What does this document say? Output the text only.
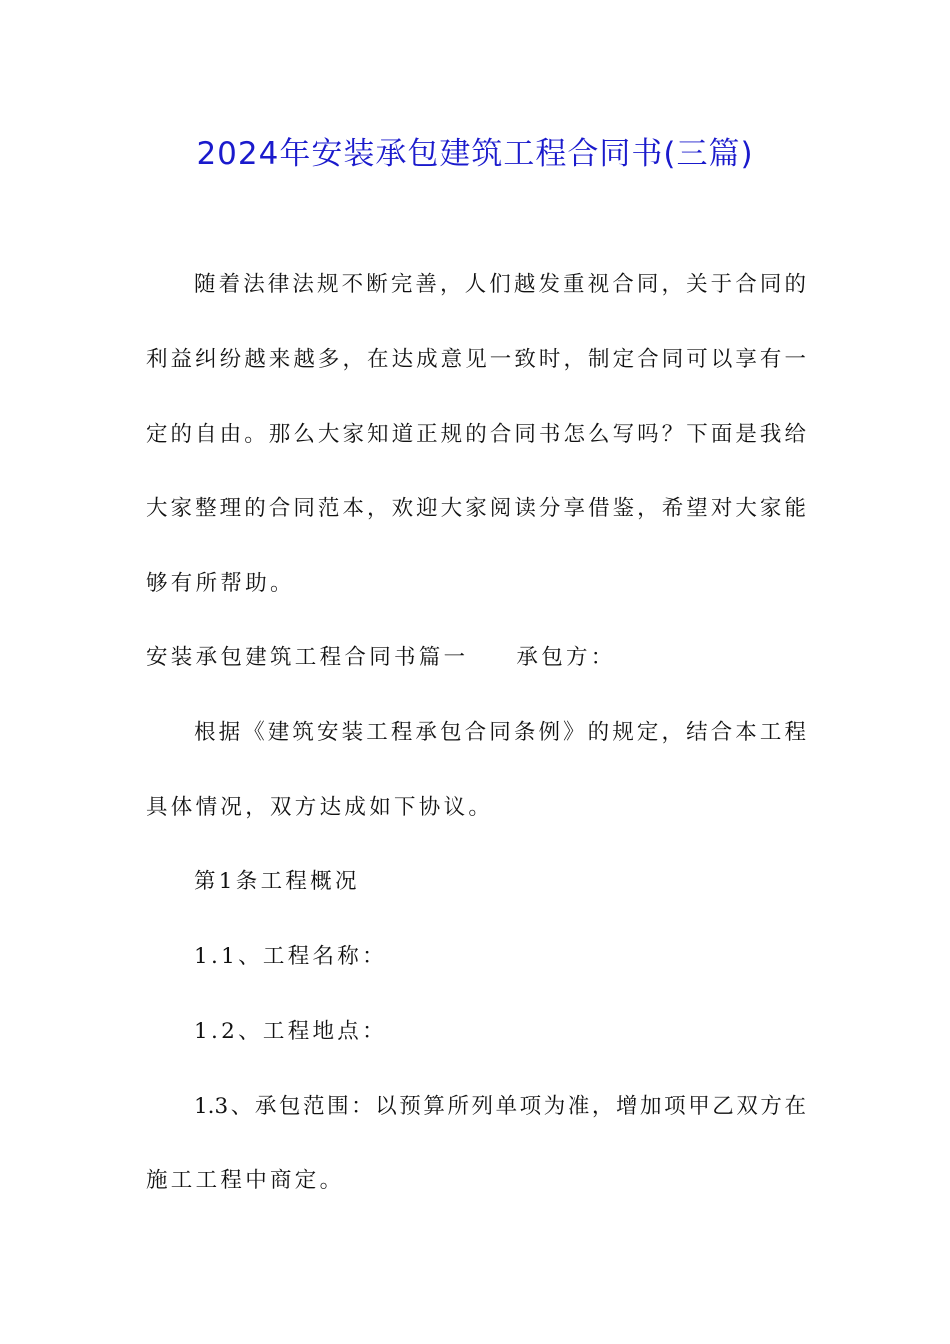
2024年安装承包建筑工程合同书(三篇)
随着法律法规不断完善，人们越发重视合同，关于合同的
利益纠纷越来越多，在达成意见一致时，制定合同可以享有一
定的自由。那么大家知道正规的合同书怎么写吗？下面是我给
大家整理的合同范本，欢迎大家阅读分享借鉴，希望对大家能
够有所帮助。
安装承包建筑工程合同书篇一 承包方：
根据《建筑安装工程承包合同条例》的规定，结合本工程
具体情况，双方达成如下协议。
第1条工程概况
1.1、工程名称：
1.2、工程地点：
1.3、承包范围：以预算所列单项为准，增加项甲乙双方在
施工工程中商定。
